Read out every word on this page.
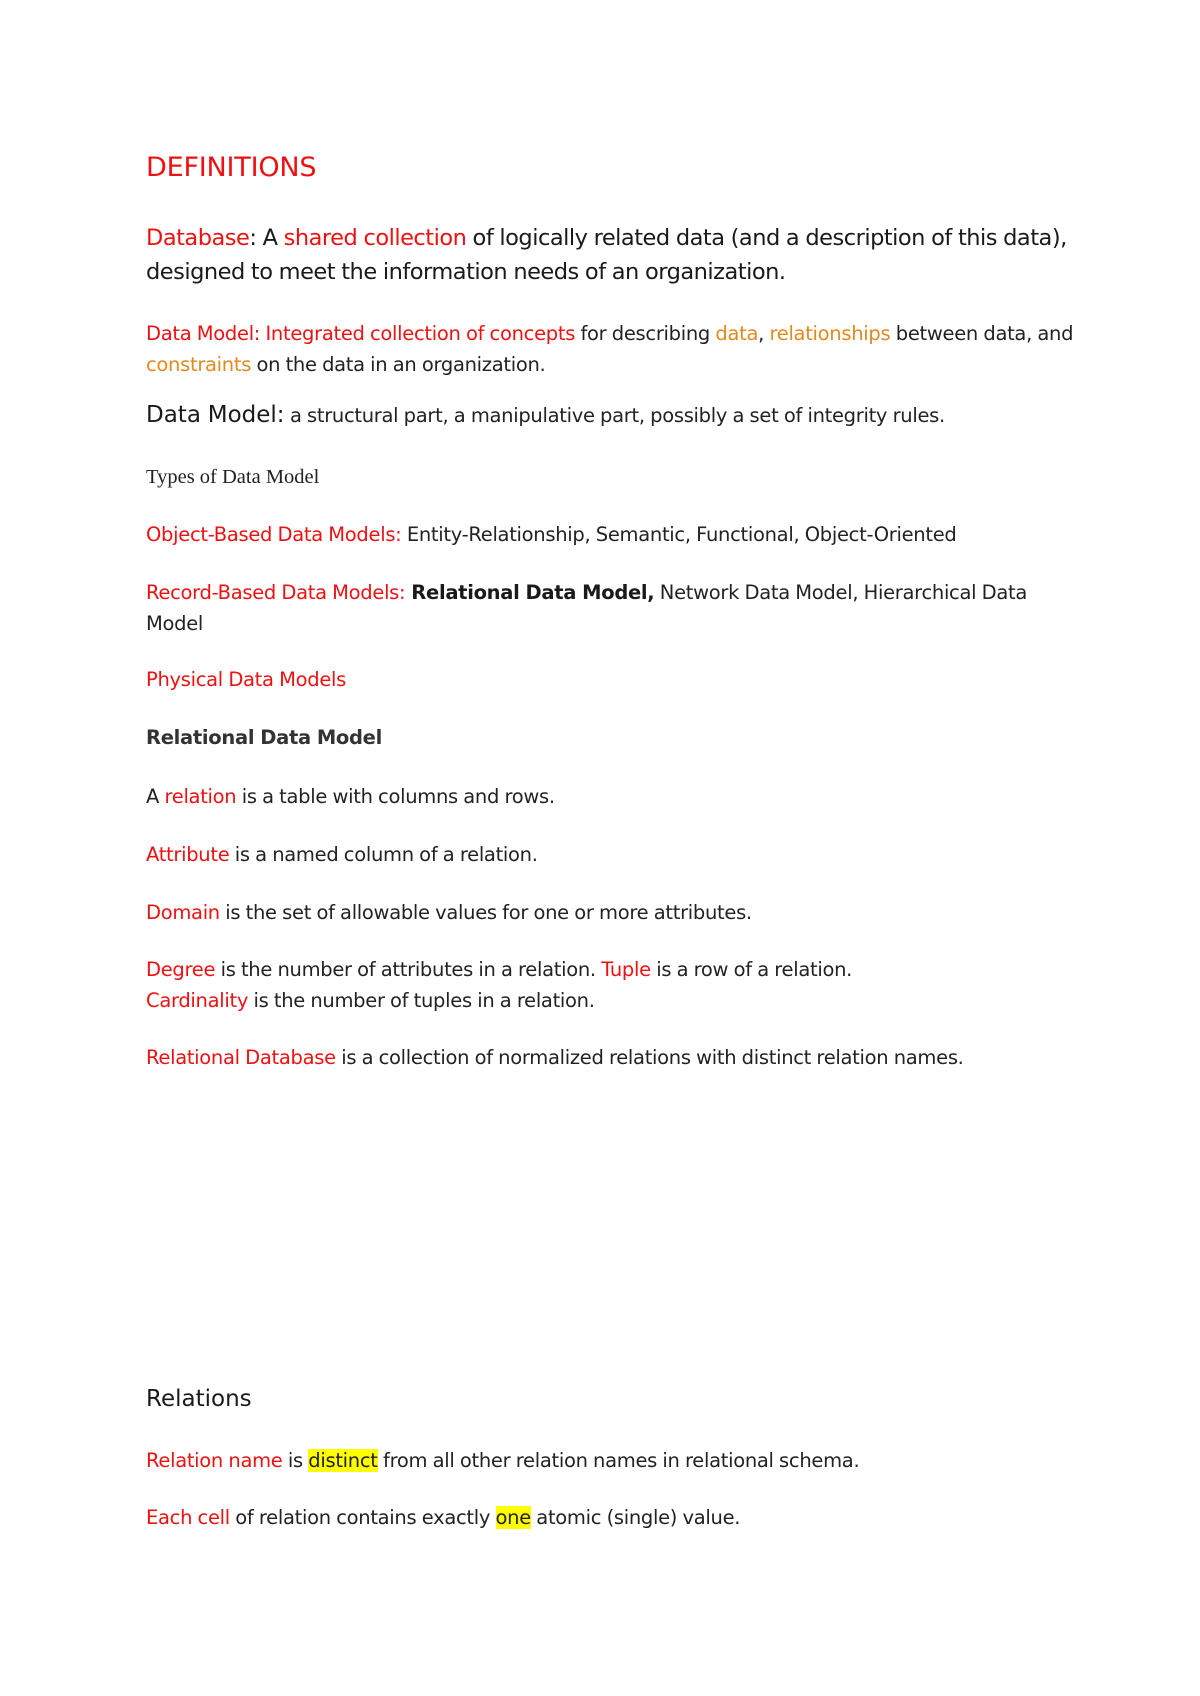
DEFINITIONS

Database: A shared collection of logically related data (and a description of this data), designed to meet the information needs of an organization.

Data Model: Integrated collection of concepts for describing data, relationships between data, and constraints on the data in an organization.

Data Model: a structural part, a manipulative part, possibly a set of integrity rules.

Types of Data Model

Object-Based Data Models: Entity-Relationship, Semantic, Functional, Object-Oriented

Record-Based Data Models: Relational Data Model, Network Data Model, Hierarchical Data Model

Physical Data Models

Relational Data Model

A relation is a table with columns and rows.

Attribute is a named column of a relation.

Domain is the set of allowable values for one or more attributes.

Degree is the number of attributes in a relation. Tuple is a row of a relation.

Cardinality is the number of tuples in a relation.

Relational Database is a collection of normalized relations with distinct relation names.

Relations

Relation name is distinct from all other relation names in relational schema.

Each cell of relation contains exactly one atomic (single) value.
